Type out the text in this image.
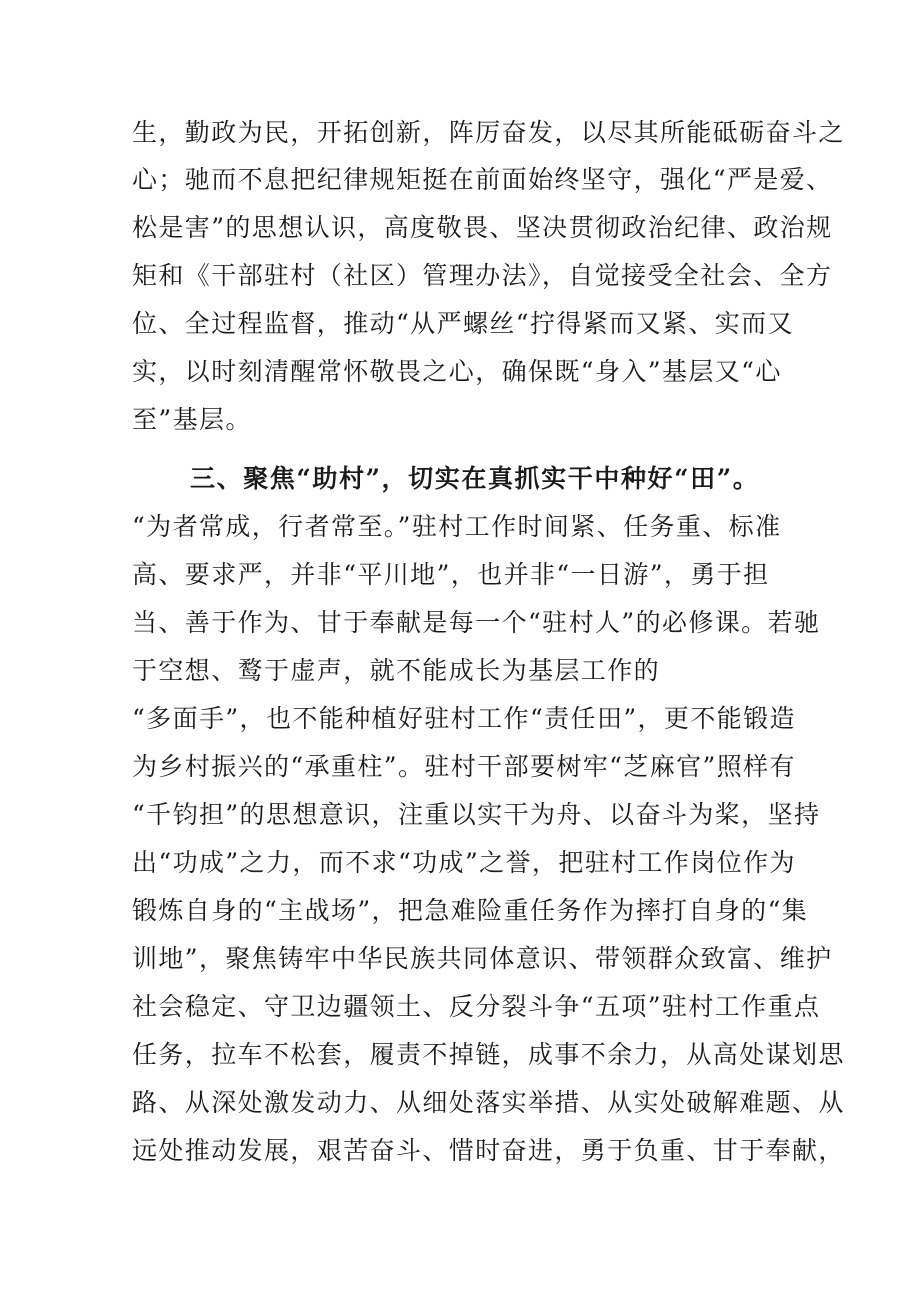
生，勤政为民，开拓创新，阵厉奋发，以尽其所能砥砺奋斗之
心；驰而不息把纪律规矩挺在前面始终坚守，强化“严是爱、
松是害”的思想认识，高度敬畏、坚决贯彻政治纪律、政治规
矩和《干部驻村（社区）管理办法》，自觉接受全社会、全方
位、全过程监督，推动“从严螺丝“拧得紧而又紧、实而又
实，以时刻清醒常怀敬畏之心，确保既“身入”基层又“心
至”基层。
三、聚焦“助村”，切实在真抓实干中种好“田”。
“为者常成，行者常至。”驻村工作时间紧、任务重、标准
高、要求严，并非“平川地”，也并非“一日游”，勇于担
当、善于作为、甘于奉献是每一个“驻村人”的必修课。若驰
于空想、鹜于虚声，就不能成长为基层工作的
“多面手”，也不能种植好驻村工作“责任田”，更不能锻造
为乡村振兴的“承重柱”。驻村干部要树牢“芝麻官”照样有
“千钧担”的思想意识，注重以实干为舟、以奋斗为桨，坚持
出“功成”之力，而不求“功成”之誉，把驻村工作岗位作为
锻炼自身的“主战场”，把急难险重任务作为摔打自身的“集
训地”，聚焦铸牢中华民族共同体意识、带领群众致富、维护
社会稳定、守卫边疆领土、反分裂斗争“五项”驻村工作重点
任务，拉车不松套，履责不掉链，成事不余力，从高处谋划思
路、从深处激发动力、从细处落实举措、从实处破解难题、从
远处推动发展，艰苦奋斗、惜时奋进，勇于负重、甘于奉献，
